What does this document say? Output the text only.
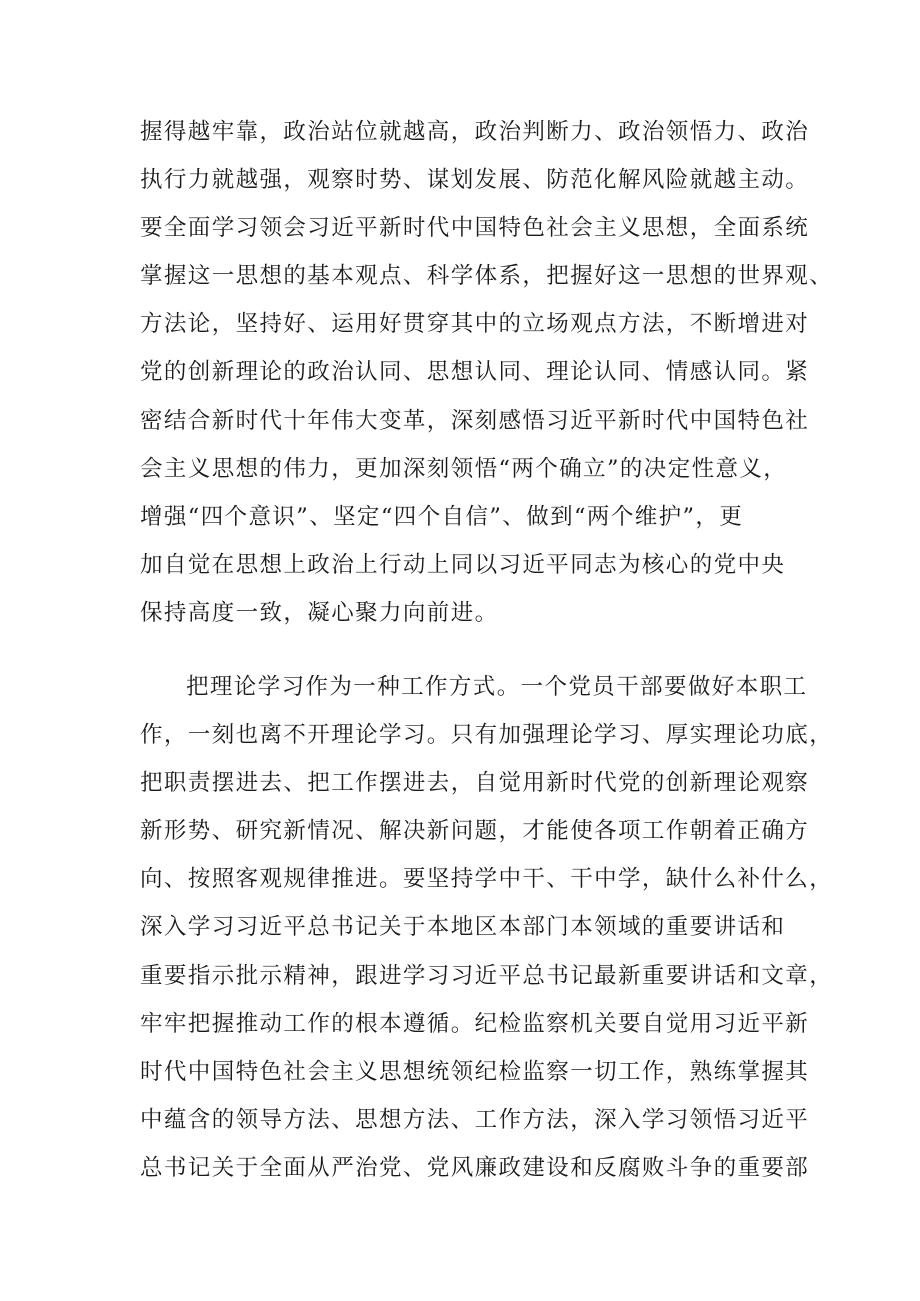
握得越牢靠，政治站位就越高，政治判断力、政治领悟力、政治
执行力就越强，观察时势、谋划发展、防范化解风险就越主动。
要全面学习领会习近平新时代中国特色社会主义思想，全面系统
掌握这一思想的基本观点、科学体系，把握好这一思想的世界观、
方法论，坚持好、运用好贯穿其中的立场观点方法，不断增进对
党的创新理论的政治认同、思想认同、理论认同、情感认同。紧
密结合新时代十年伟大变革，深刻感悟习近平新时代中国特色社
会主义思想的伟力，更加深刻领悟“两个确立”的决定性意义，
增强“四个意识”、坚定“四个自信”、做到“两个维护”，更
加自觉在思想上政治上行动上同以习近平同志为核心的党中央
保持高度一致，凝心聚力向前进。
把理论学习作为一种工作方式。一个党员干部要做好本职工
作，一刻也离不开理论学习。只有加强理论学习、厚实理论功底，
把职责摆进去、把工作摆进去，自觉用新时代党的创新理论观察
新形势、研究新情况、解决新问题，才能使各项工作朝着正确方
向、按照客观规律推进。要坚持学中干、干中学，缺什么补什么，
深入学习习近平总书记关于本地区本部门本领域的重要讲话和
重要指示批示精神，跟进学习习近平总书记最新重要讲话和文章，
牢牢把握推动工作的根本遵循。纪检监察机关要自觉用习近平新
时代中国特色社会主义思想统领纪检监察一切工作，熟练掌握其
中蕴含的领导方法、思想方法、工作方法，深入学习领悟习近平
总书记关于全面从严治党、党风廉政建设和反腐败斗争的重要部
